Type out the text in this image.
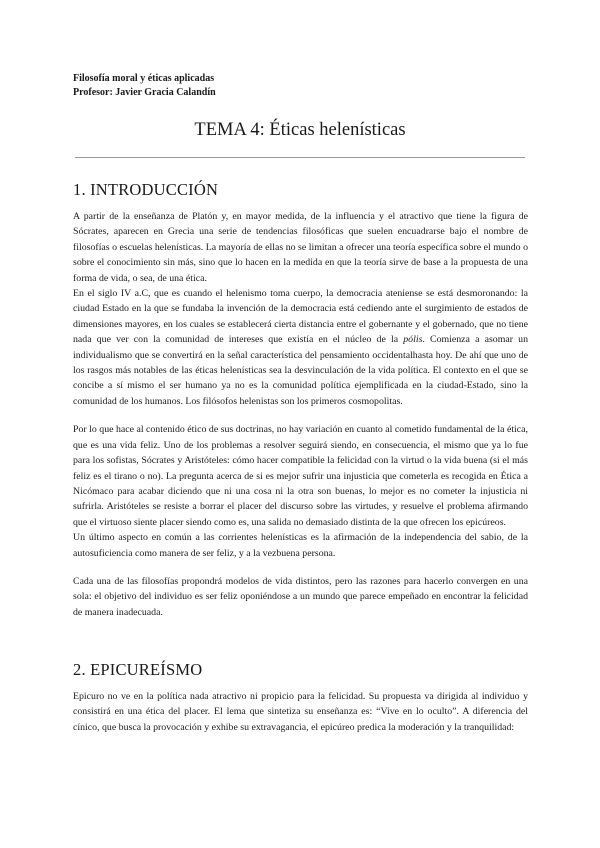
Filosofía moral y éticas aplicadas

Profesor: Javier Gracia Calandín

TEMA 4: Éticas helenísticas
1. INTRODUCCIÓN

A partir de la enseñanza de Platón y, en mayor medida, de la influencia y el atractivo que tiene la figura de Sócrates, aparecen en Grecia una serie de tendencias filosóficas que suelen encuadrarse bajo el nombre de filosofías o escuelas helenísticas. La mayoría de ellas no se limitan a ofrecer una teoría específica sobre el mundo o sobre el conocimiento sin más, sino que lo hacen en la medida en que la teoría sirve de base a la propuesta de una forma de vida, o sea, de una ética.

En el siglo IV a.C, que es cuando el helenismo toma cuerpo, la democracia ateniense se está desmoronando: la ciudad Estado en la que se fundaba la invención de la democracia está cediendo ante el surgimiento de estados de dimensiones mayores, en los cuales se establecerá cierta distancia entre el gobernante y el gobernado, que no tiene nada que ver con la comunidad de intereses que existía en el núcleo de la pólis. Comienza a asomar un individualismo que se convertirá en la señal característica del pensamiento occidentalhasta hoy. De ahí que uno de los rasgos más notables de las éticas helenísticas sea la desvinculación de la vida política. El contexto en el que se concibe a sí mismo el ser humano ya no es la comunidad política ejemplificada en la ciudad-Estado, sino la comunidad de los humanos. Los filósofos helenistas son los primeros cosmopolitas.

Por lo que hace al contenido ético de sus doctrinas, no hay variación en cuanto al cometido fundamental de la ética, que es una vida feliz. Uno de los problemas a resolver seguirá siendo, en consecuencia, el mismo que ya lo fue para los sofistas, Sócrates y Aristóteles: cómo hacer compatible la felicidad con la virtud o la vida buena (si el más feliz es el tirano o no). La pregunta acerca de si es mejor sufrir una injusticia que cometerla es recogida en Ética a Nicómaco para acabar diciendo que ni una cosa ni la otra son buenas, lo mejor es no cometer la injusticia ni sufrirla. Aristóteles se resiste a borrar el placer del discurso sobre las virtudes, y resuelve el problema afirmando que el virtuoso siente placer siendo como es, una salida no demasiado distinta de la que ofrecen los epicúreos.

Un último aspecto en común a las corrientes helenísticas es la afirmación de la independencia del sabio, de la autosuficiencia como manera de ser feliz, y a la vezbuena persona.

Cada una de las filosofías propondrá modelos de vida distintos, pero las razones para hacerlo convergen en una sola: el objetivo del individuo es ser feliz oponiéndose a un mundo que parece empeñado en encontrar la felicidad de manera inadecuada.

2. EPICUREÍSMO

Epicuro no ve en la política nada atractivo ni propicio para la felicidad. Su propuesta va dirigida al individuo y consistirá en una ética del placer. El lema que sintetiza su enseñanza es: “Vive en lo oculto”. A diferencia del cínico, que busca la provocación y exhibe su extravagancia, el epicúreo predica la moderación y la tranquilidad:
